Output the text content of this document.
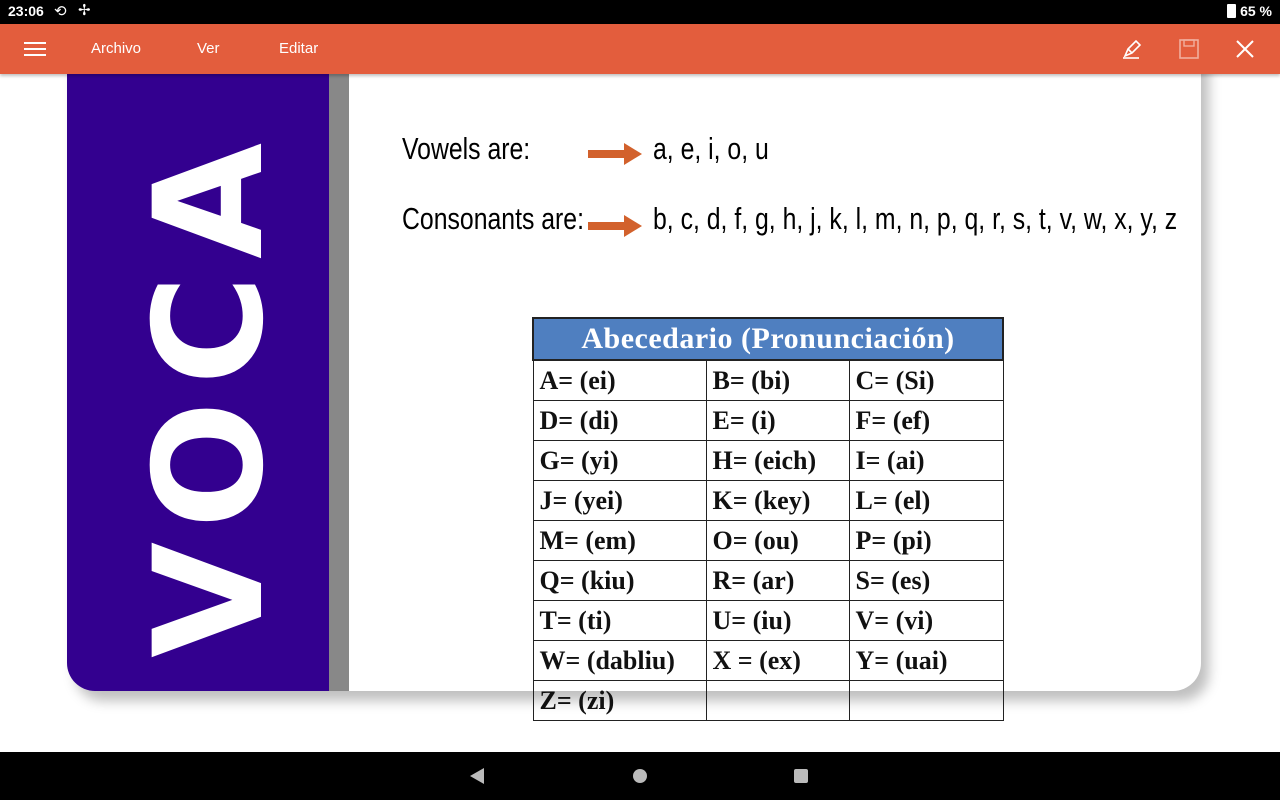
23:06 ⟲ ✢	65 %
Archivo	Ver	Editar
VOCA	Vowels are:	a, e, i, o, u
Consonants are: b, c, d, f, g, h, j, k, l, m, n, p, q, r, s, t, v, w, x, y, z
Abecedario (Pronunciación)		
A= (ei)	B= (bi)	C= (Si)
D= (di)	E= (i)	F= (ef)
G= (yi)	H= (eich)	I= (ai)
J= (yei)	K= (key)	L= (el)
M= (em)	O= (ou)	P= (pi)
Q= (kiu)	R= (ar)	S= (es)
T= (ti)	U= (iu)	V= (vi)
W= (dabliu)	X = (ex)	Y= (uai)
Z= (zi)		
